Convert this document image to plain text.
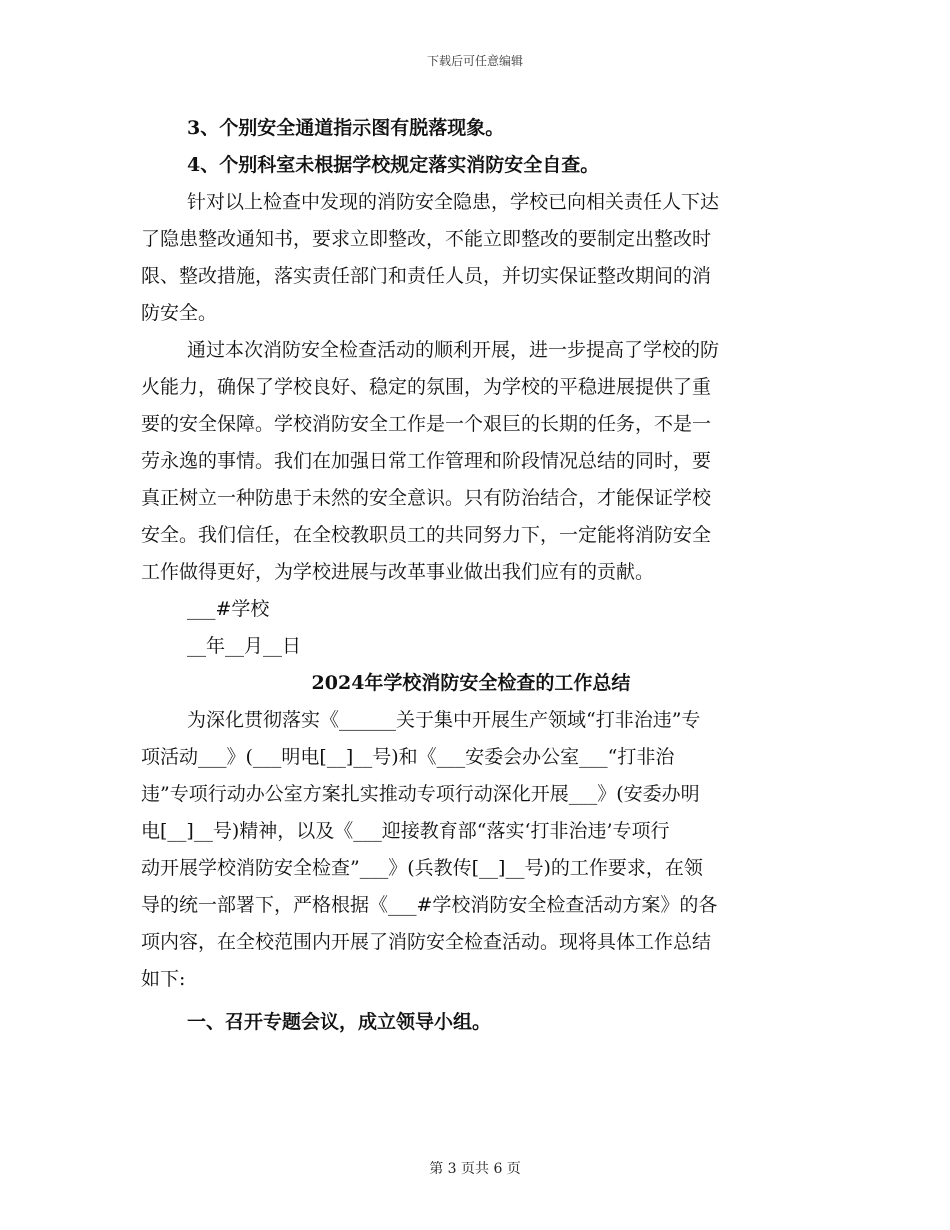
下载后可任意编辑
3、个别安全通道指示图有脱落现象。
4、个别科室未根据学校规定落实消防安全自查。
针对以上检查中发现的消防安全隐患，学校已向相关责任人下达
了隐患整改通知书，要求立即整改，不能立即整改的要制定出整改时
限、整改措施，落实责任部门和责任人员，并切实保证整改期间的消
防安全。
通过本次消防安全检查活动的顺利开展，进一步提高了学校的防
火能力，确保了学校良好、稳定的氛围，为学校的平稳进展提供了重
要的安全保障。学校消防安全工作是一个艰巨的长期的任务，不是一
劳永逸的事情。我们在加强日常工作管理和阶段情况总结的同时，要
真正树立一种防患于未然的安全意识。只有防治结合，才能保证学校
安全。我们信任，在全校教职员工的共同努力下，一定能将消防安全
工作做得更好，为学校进展与改革事业做出我们应有的贡献。
___#学校
__年__月__日
2024年学校消防安全检查的工作总结
为深化贯彻落实《______关于集中开展生产领域“打非治违”专
项活动___》(___明电[__]__号)和《___安委会办公室___“打非治
违”专项行动办公室方案扎实推动专项行动深化开展___》(安委办明
电[__]__号)精神，以及《___迎接教育部“落实‘打非治违’专项行
动开展学校消防安全检查”___》(兵教传[__]__号)的工作要求，在领
导的统一部署下，严格根据《___#学校消防安全检查活动方案》的各
项内容，在全校范围内开展了消防安全检查活动。现将具体工作总结
如下:
一、召开专题会议，成立领导小组。
第 3 页共 6 页
